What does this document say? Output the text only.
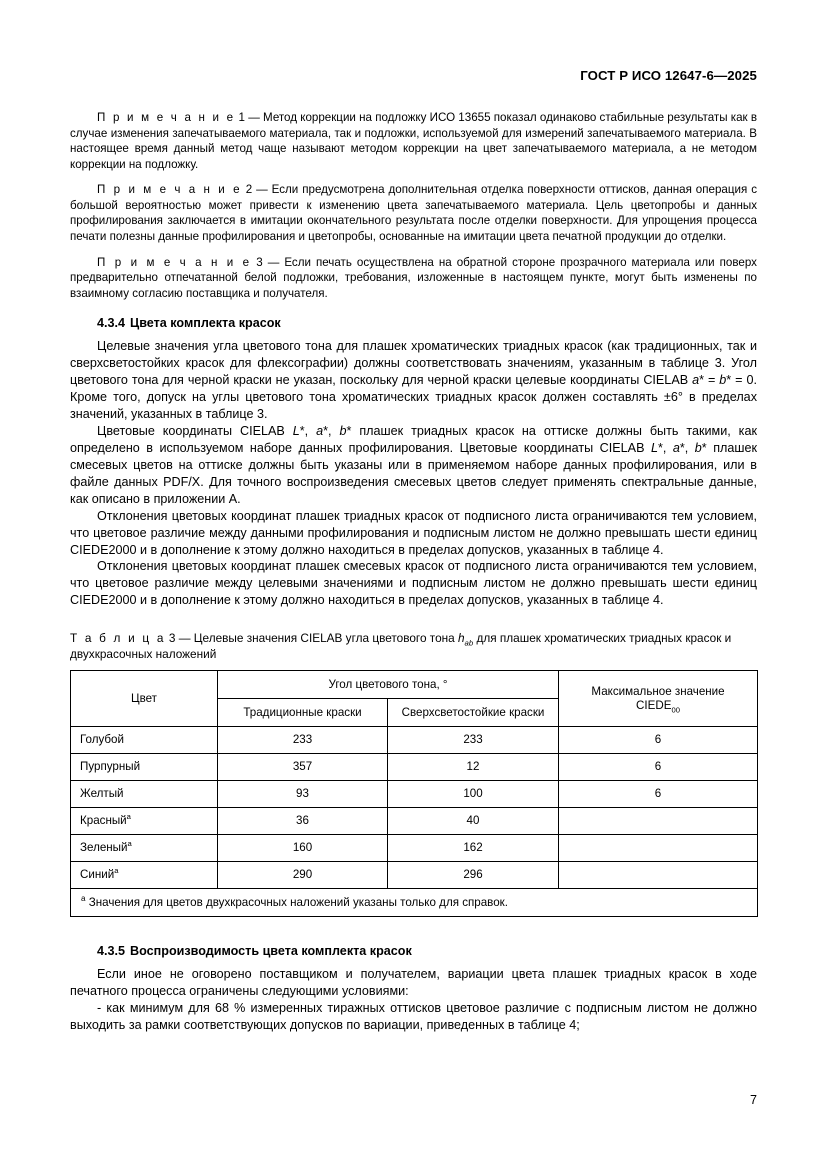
ГОСТ Р ИСО 12647-6—2025

П р и м е ч а н и е 1 — Метод коррекции на подложку ИСО 13655 показал одинаково стабильные результаты как в случае изменения запечатываемого материала, так и подложки, используемой для измерений запечатываемого материала. В настоящее время данный метод чаще называют методом коррекции на цвет запечатываемого материала, а не методом коррекции на подложку.

П р и м е ч а н и е 2 — Если предусмотрена дополнительная отделка поверхности оттисков, данная операция с большой вероятностью может привести к изменению цвета запечатываемого материала. Цель цветопробы и данных профилирования заключается в имитации окончательного результата после отделки поверхности. Для упрощения процесса печати полезны данные профилирования и цветопробы, основанные на имитации цвета печатной продукции до отделки.

П р и м е ч а н и е 3 — Если печать осуществлена на обратной стороне прозрачного материала или поверх предварительно отпечатанной белой подложки, требования, изложенные в настоящем пункте, могут быть изменены по взаимному согласию поставщика и получателя.

4.3.4 Цвета комплекта красок

Целевые значения угла цветового тона для плашек хроматических триадных красок (как традиционных, так и сверхсветостойких красок для флексографии) должны соответствовать значениям, указанным в таблице 3. Угол цветового тона для черной краски не указан, поскольку для черной краски целевые координаты CIELAB a* = b* = 0. Кроме того, допуск на углы цветового тона хроматических триадных красок должен составлять ±6° в пределах значений, указанных в таблице 3.

Цветовые координаты CIELAB L*, a*, b* плашек триадных красок на оттиске должны быть такими, как определено в используемом наборе данных профилирования. Цветовые координаты CIELAB L*, a*, b* плашек смесевых цветов на оттиске должны быть указаны или в применяемом наборе данных профилирования, или в файле данных PDF/X. Для точного воспроизведения смесевых цветов следует применять спектральные данные, как описано в приложении А.

Отклонения цветовых координат плашек триадных красок от подписного листа ограничиваются тем условием, что цветовое различие между данными профилирования и подписным листом не должно превышать шести единиц CIEDE2000 и в дополнение к этому должно находиться в пределах допусков, указанных в таблице 4.

Отклонения цветовых координат плашек смесевых красок от подписного листа ограничиваются тем условием, что цветовое различие между целевыми значениями и подписным листом не должно превышать шести единиц CIEDE2000 и в дополнение к этому должно находиться в пределах допусков, указанных в таблице 4.

Т а б л и ц а 3 — Целевые значения CIELAB угла цветового тона $h_{ab}$ для плашек хроматических триадных красок и двухкрасочных наложений
Цвет	Угол цветового тона, °		Максимальное значение
$CIEDE_{00}$
	Традиционные краски	Сверхсветостойкие краски	
Голубой	233	233	6
Пурпурный	357	12	6
Желтый	93	100	6
Красный$^a$	36	40	
Зеленый$^a$	160	162	
Синий$^a$	290	296	
$^a$ Значения для цветов двухкрасочных наложений указаны только для справок.			
4.3.5 Воспроизводимость цвета комплекта красок

Если иное не оговорено поставщиком и получателем, вариации цвета плашек триадных красок в ходе печатного процесса ограничены следующими условиями:

- как минимум для 68 % измеренных тиражных оттисков цветовое различие с подписным листом не должно выходить за рамки соответствующих допусков по вариации, приведенных в таблице 4;

7
